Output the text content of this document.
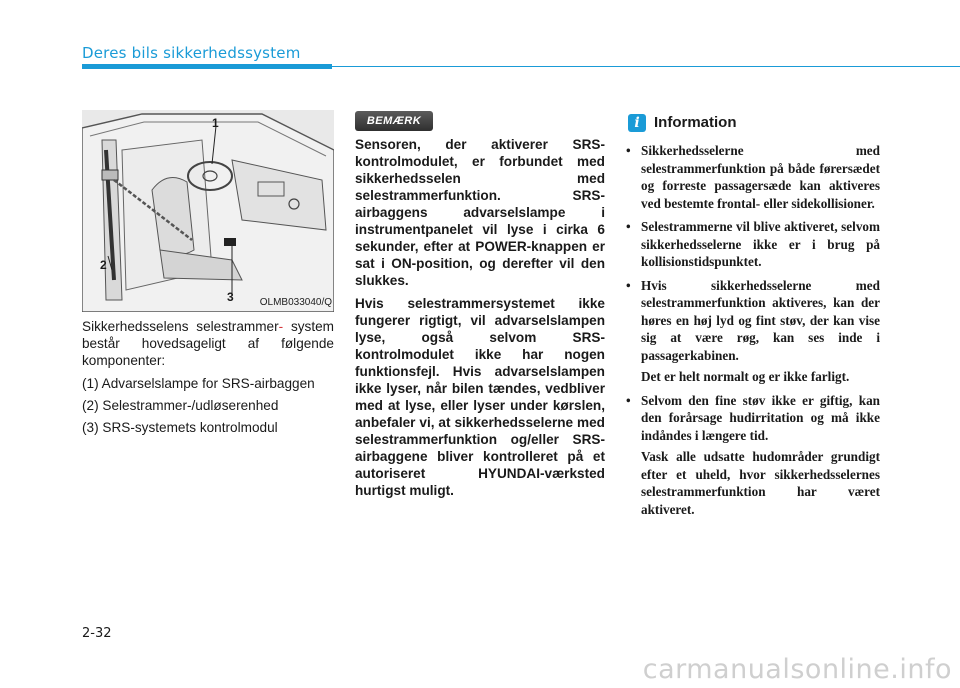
Deres bils sikkerhedssystem
1
2
3	OLMB033040/Q

Sikkerhedsselens selestrammer- system består hovedsageligt af følgende komponenter:

(1) Advarselslampe for SRS-airbaggen

(2) Selestrammer-/udløserenhed

(3) SRS-systemets kontrolmodul

BEMÆRK

Sensoren, der aktiverer SRS-kontrolmodulet, er forbundet med sikkerhedsselen med selestrammerfunktion. SRS-airbaggens advarselslampe i instrumentpanelet vil lyse i cirka 6 sekunder, efter at POWER-knappen er sat i ON-position, og derefter vil den slukkes.

Hvis selestrammersystemet ikke fungerer rigtigt, vil advarselslampen lyse, også selvom SRS-kontrolmodulet ikke har nogen funktionsfejl. Hvis advarselslampen ikke lyser, når bilen tændes, vedbliver med at lyse, eller lyser under kørslen, anbefaler vi, at sikkerhedsselerne med selestrammerfunktion og/eller SRS-airbaggene bliver kontrolleret på et autoriseret HYUNDAI-værksted hurtigst muligt.

i Information
• Sikkerhedsselerne med selestrammerfunktion på både førersædet og forreste passagersæde kan aktiveres ved bestemte frontal- eller sidekollisioner.
• Selestrammerne vil blive aktiveret, selvom sikkerhedsselerne ikke er i brug på kollisionstidspunktet.
• Hvis sikkerhedsselerne med selestrammerfunktion aktiveres, kan der høres en høj lyd og fint støv, der kan vise sig at være røg, kan ses inde i passagerkabinen.

Det er helt normalt og er ikke farligt.

• Selvom den fine støv ikke er giftig, kan den forårsage hudirritation og må ikke indåndes i længere tid.

Vask alle udsatte hudområder grundigt efter et uheld, hvor sikkerhedsselernes selestrammerfunktion har været aktiveret.

2-32
carmanualsonline.info
